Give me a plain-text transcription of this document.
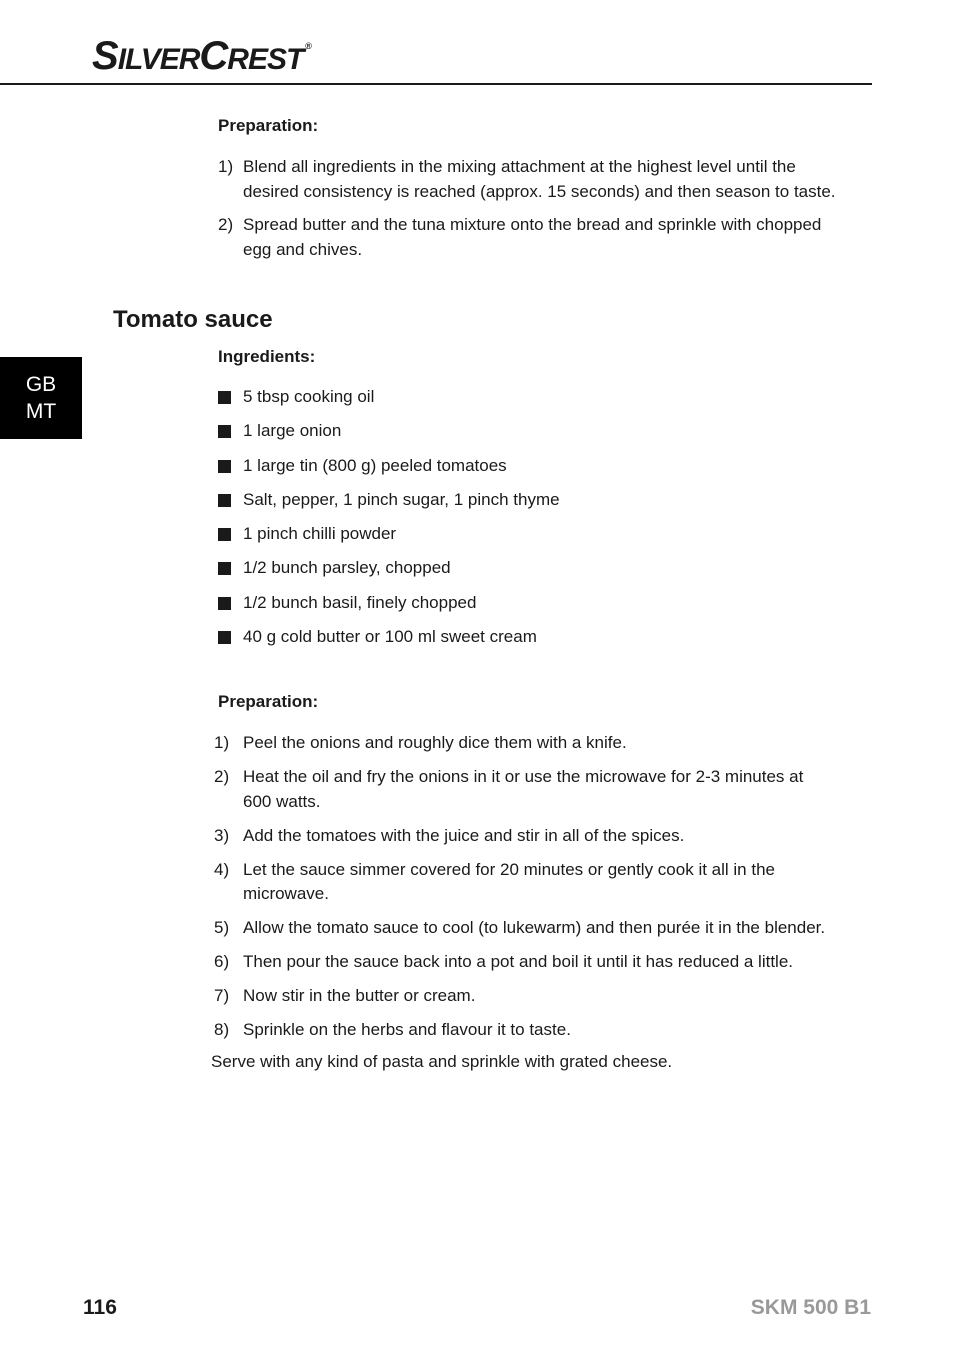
SILVERCREST ®
GB
MT
Preparation:
1) Blend all ingredients in the mixing attachment at the highest level until the desired consistency is reached (approx. 15 seconds) and then season to taste.
2) Spread butter and the tuna mixture onto the bread and sprinkle with chopped egg and chives.
Tomato sauce
Ingredients:
5 tbsp cooking oil
1 large onion
1 large tin (800 g) peeled tomatoes
Salt, pepper, 1 pinch sugar, 1 pinch thyme
1 pinch chilli powder
1/2 bunch parsley, chopped
1/2 bunch basil, finely chopped
40 g cold butter or 100 ml sweet cream
Preparation:
1) Peel the onions and roughly dice them with a knife.
2) Heat the oil and fry the onions in it or use the microwave for 2-3 minutes at 600 watts.
3) Add the tomatoes with the juice and stir in all of the spices.
4) Let the sauce simmer covered for 20 minutes or gently cook it all in the microwave.
5) Allow the tomato sauce to cool (to lukewarm) and then purée it in the blender.
6) Then pour the sauce back into a pot and boil it until it has reduced a little.
7) Now stir in the butter or cream.
8) Sprinkle on the herbs and flavour it to taste.
Serve with any kind of pasta and sprinkle with grated cheese.
116	SKM 500 B1
